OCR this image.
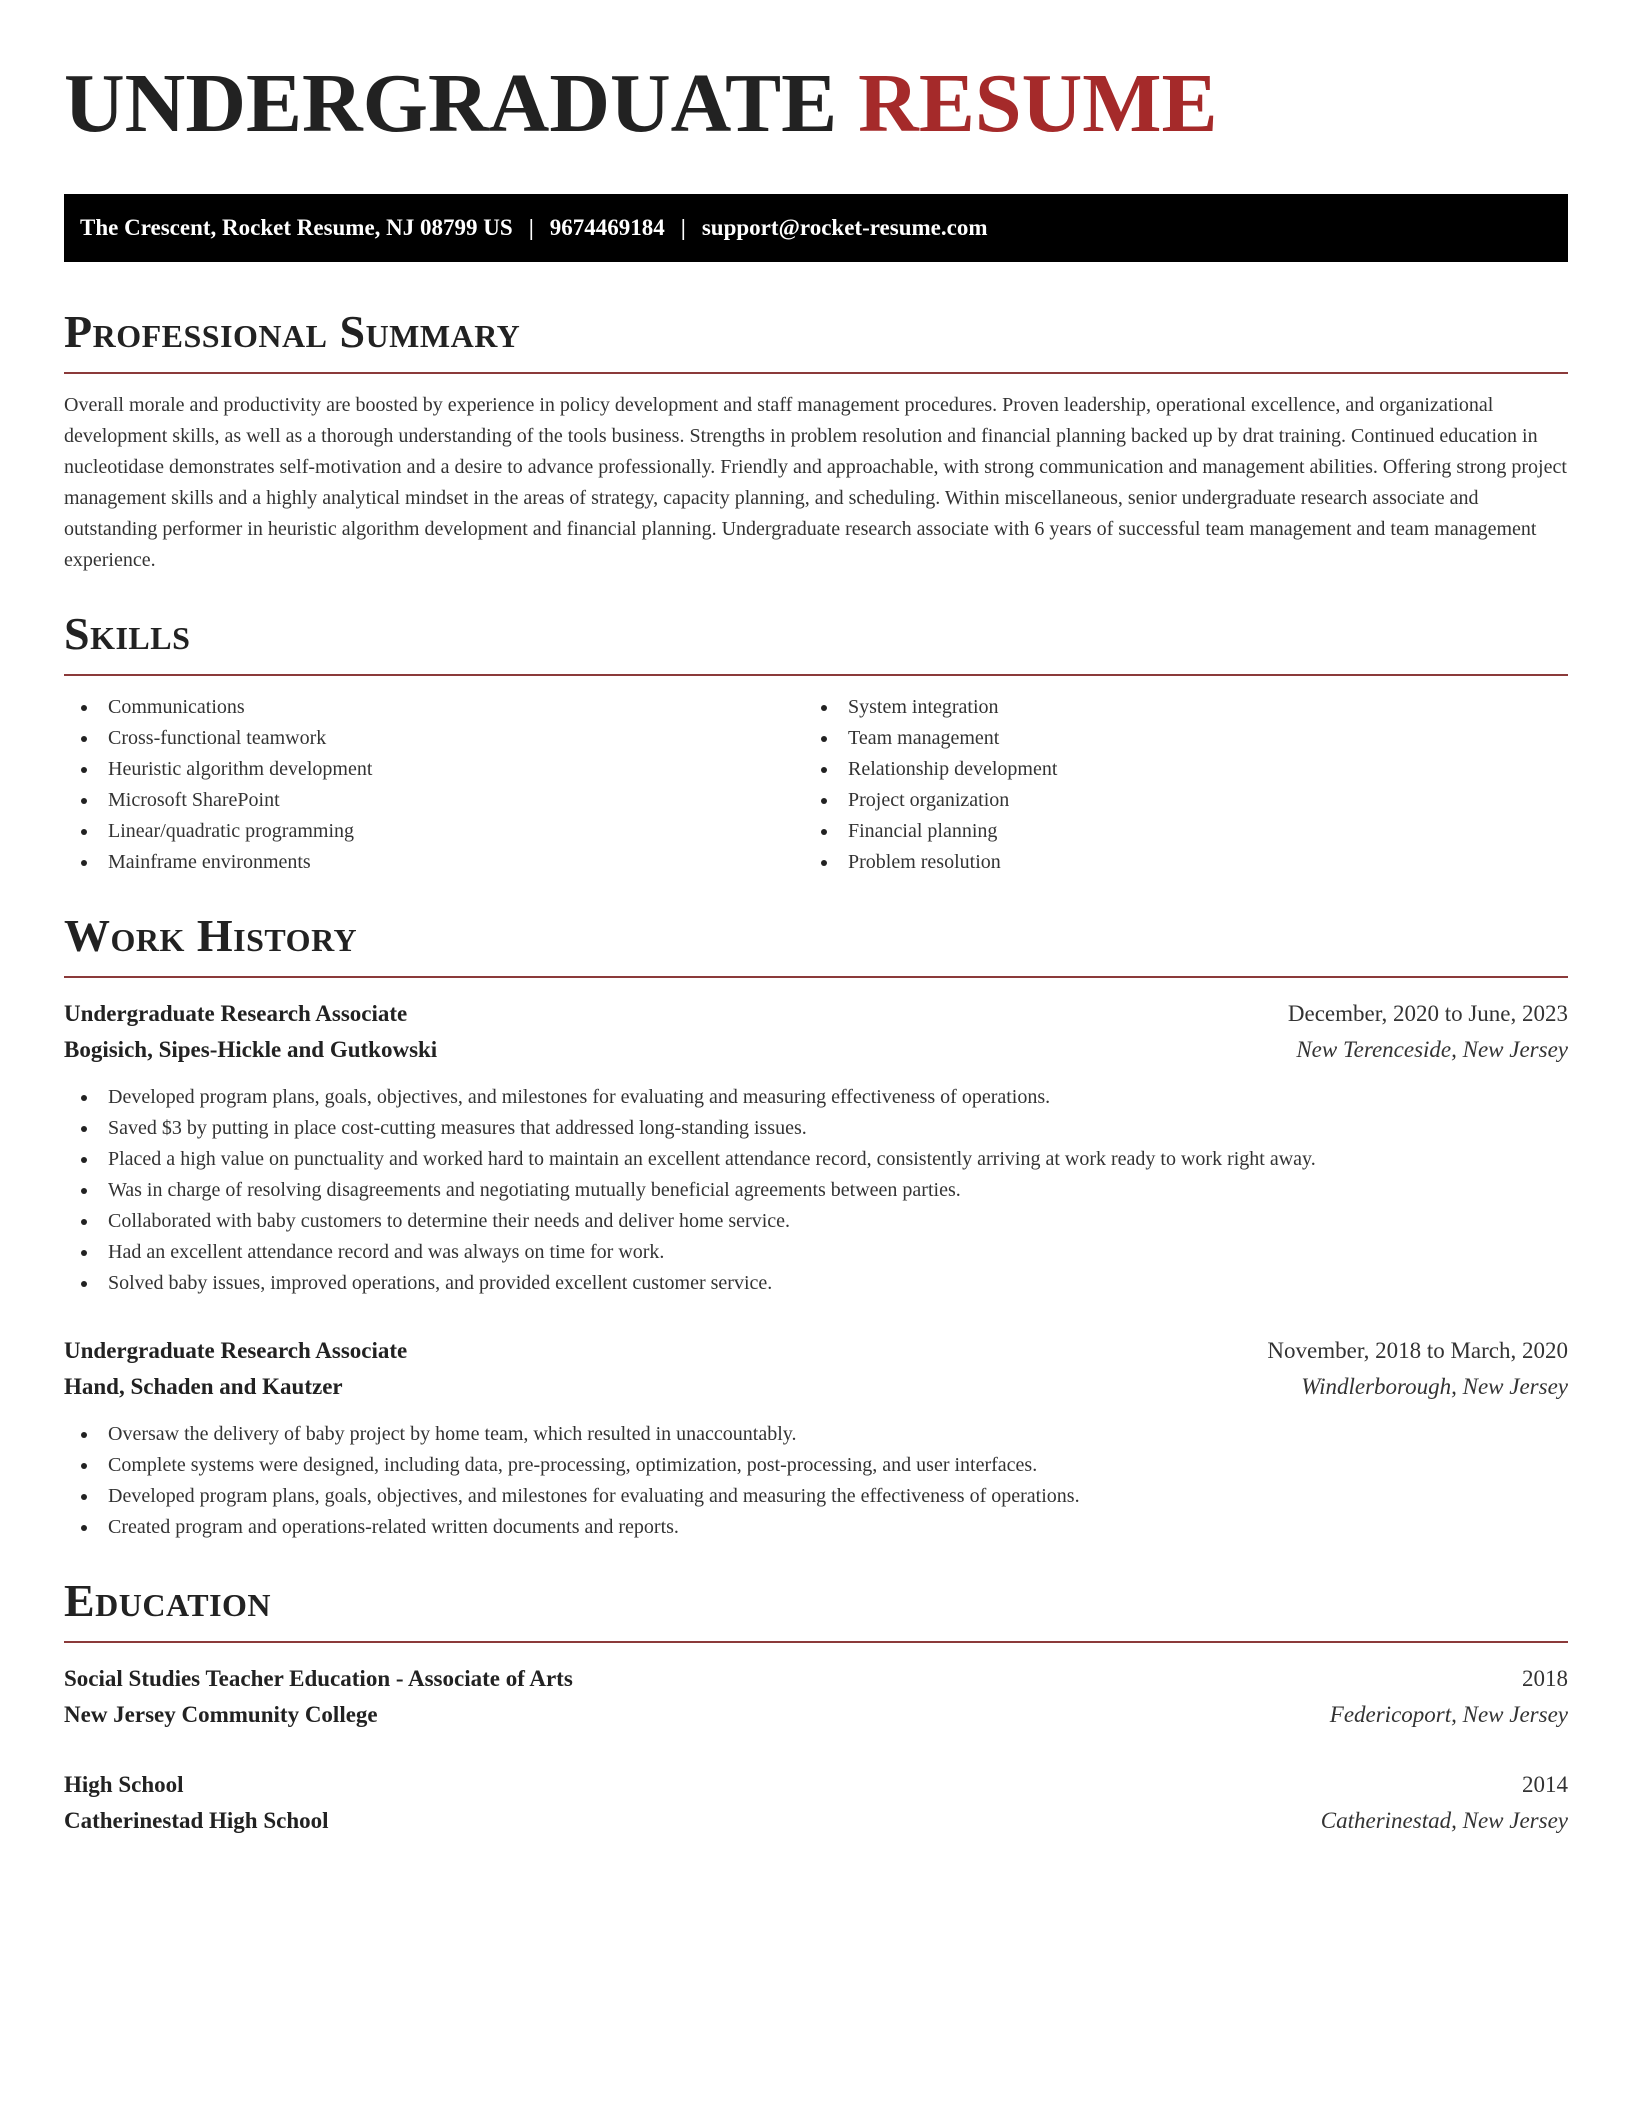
UNDERGRADUATE RESUME
The Crescent, Rocket Resume, NJ 08799 US | 9674469184 | support@rocket-resume.com
Professional Summary

Overall morale and productivity are boosted by experience in policy development and staff management procedures. Proven leadership, operational excellence, and organizational development skills, as well as a thorough understanding of the tools business. Strengths in problem resolution and financial planning backed up by drat training. Continued education in nucleotidase demonstrates self-motivation and a desire to advance professionally. Friendly and approachable, with strong communication and management abilities. Offering strong project management skills and a highly analytical mindset in the areas of strategy, capacity planning, and scheduling. Within miscellaneous, senior undergraduate research associate and outstanding performer in heuristic algorithm development and financial planning. Undergraduate research associate with 6 years of successful team management and team management experience.

Skills
Communications
Cross-functional teamwork
Heuristic algorithm development
Microsoft SharePoint
Linear/quadratic programming
Mainframe environments
System integration
Team management
Relationship development
Project organization
Financial planning
Problem resolution
Work History
Undergraduate Research Associate	December, 2020 to June, 2023
Bogisich, Sipes-Hickle and Gutkowski	New Terenceside, New Jersey
Developed program plans, goals, objectives, and milestones for evaluating and measuring effectiveness of operations.
Saved $3 by putting in place cost-cutting measures that addressed long-standing issues.
Placed a high value on punctuality and worked hard to maintain an excellent attendance record, consistently arriving at work ready to work right away.
Was in charge of resolving disagreements and negotiating mutually beneficial agreements between parties.
Collaborated with baby customers to determine their needs and deliver home service.
Had an excellent attendance record and was always on time for work.
Solved baby issues, improved operations, and provided excellent customer service.
Undergraduate Research Associate	November, 2018 to March, 2020
Hand, Schaden and Kautzer	Windlerborough, New Jersey
Oversaw the delivery of baby project by home team, which resulted in unaccountably.
Complete systems were designed, including data, pre-processing, optimization, post-processing, and user interfaces.
Developed program plans, goals, objectives, and milestones for evaluating and measuring the effectiveness of operations.
Created program and operations-related written documents and reports.
Education
Social Studies Teacher Education - Associate of Arts	2018
New Jersey Community College	Federicoport, New Jersey
High School	2014
Catherinestad High School	Catherinestad, New Jersey
